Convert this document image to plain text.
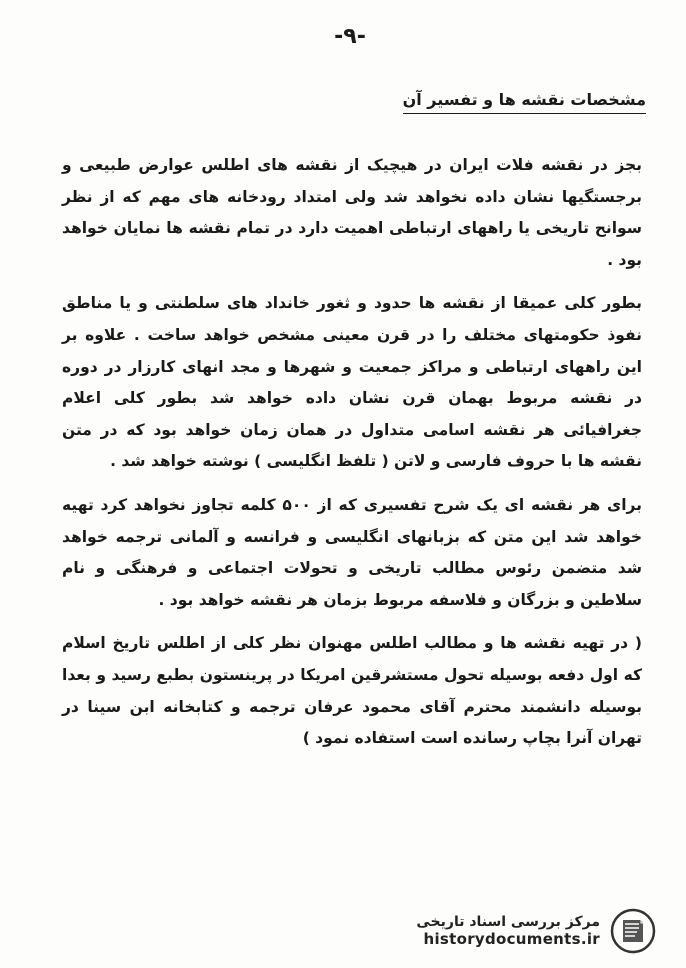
-۹-
مشخصات نقشه ها و تفسیر آن

بجز در نقشه فلات ایران در هیچیک از نقشه های اطلس عوارض طبیعی و برجستگیها نشان داده نخواهد شد ولی امتداد رودخانه های مهم که از نظر سوانح تاریخی یا راههای ارتباطی اهمیت دارد در تمام نقشه ها نمایان خواهد بود .

بطور کلی عمیقا از نقشه ها حدود و ثغور خانداد های سلطنتی و یا مناطق نفوذ حکومتهای مختلف را در قرن معینی مشخص خواهد ساخت . علاوه بر این راههای ارتباطی و مراکز جمعیت و شهرها و مجد انهای کارزار در دوره در نقشه مربوط بهمان قرن نشان داده خواهد شد بطور کلی اعلام جغرافیائی هر نقشه اسامی متداول در همان زمان خواهد بود که در متن نقشه ها با حروف فارسی و لاتن ( تلفظ انگلیسی ) نوشته خواهد شد .

برای هر نقشه ای یک شرح تفسیری که از ۵۰۰ کلمه تجاوز نخواهد کرد تهیه خواهد شد این متن که بزبانهای انگلیسی و فرانسه و آلمانی ترجمه خواهد شد متضمن رئوس مطالب تاریخی و تحولات اجتماعی و فرهنگی و نام سلاطین و بزرگان و فلاسفه مربوط بزمان هر نقشه خواهد بود .

( در تهیه نقشه ها و مطالب اطلس مهنوان نظر کلی از اطلس تاریخ اسلام که اول دفعه بوسیله تحول مستشرقین امریکا در پرینستون بطبع رسید و بعدا بوسیله دانشمند محترم آقای محمود عرفان ترجمه و کتابخانه ابن سینا در تهران آنرا بچاپ رسانده است استفاده نمود )

مرکز بررسی اسناد تاریخی
historydocuments.ir
